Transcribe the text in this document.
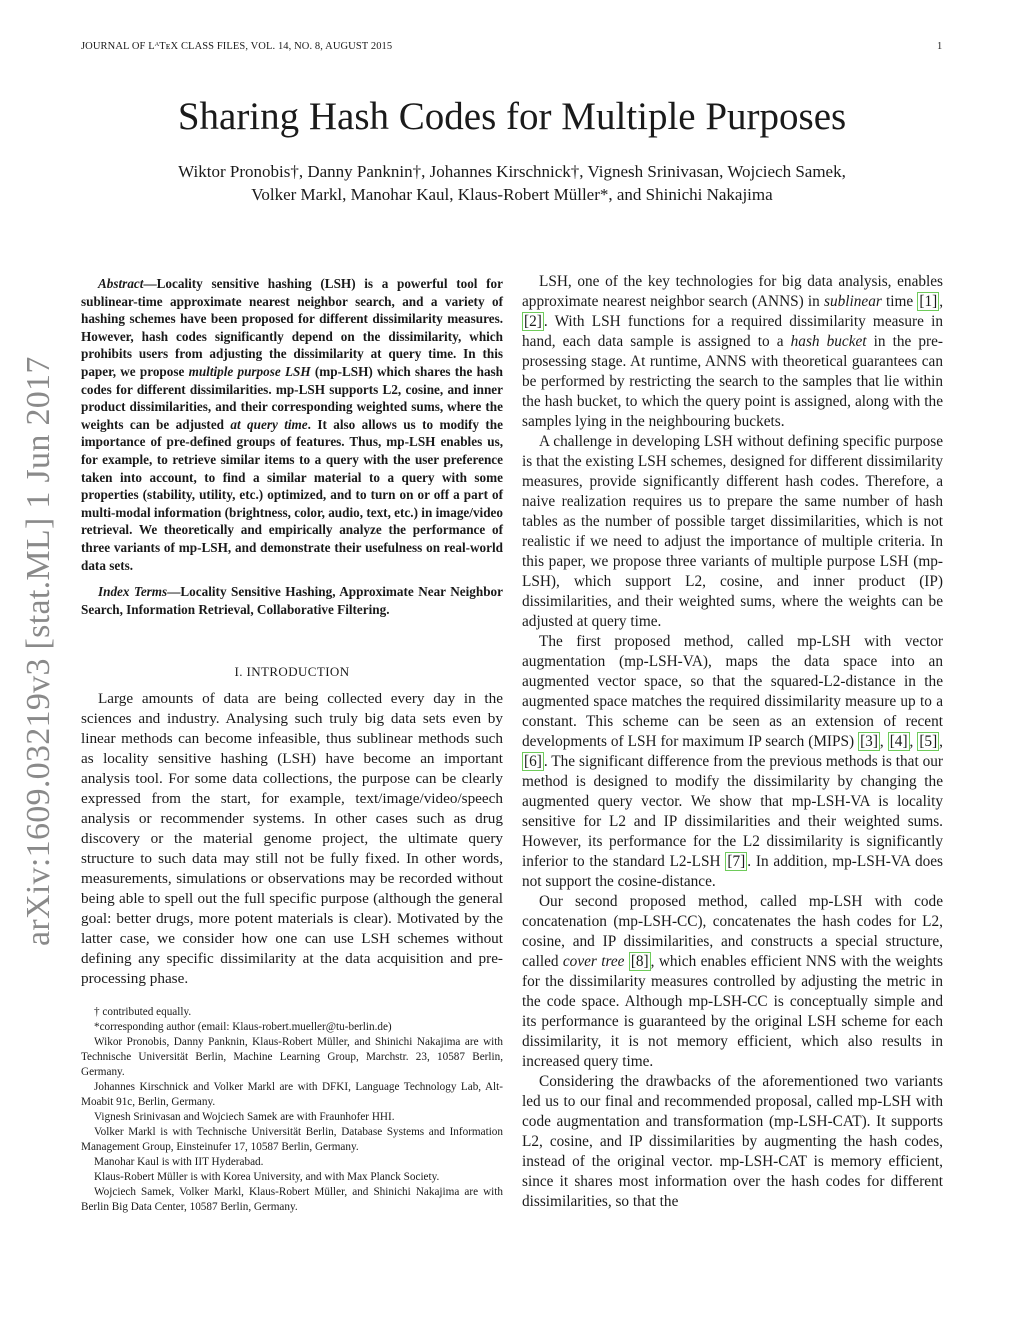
JOURNAL OF LᴬTᴇX CLASS FILES, VOL. 14, NO. 8, AUGUST 2015	1
arXiv:1609.03219v3 [stat.ML] 1 Jun 2017
Sharing Hash Codes for Multiple Purposes
Wiktor Pronobis†, Danny Panknin†, Johannes Kirschnick†, Vignesh Srinivasan, Wojciech Samek,
Volker Markl, Manohar Kaul, Klaus-Robert Müller*, and Shinichi Nakajima

Abstract—Locality sensitive hashing (LSH) is a powerful tool for sublinear-time approximate nearest neighbor search, and a variety of hashing schemes have been proposed for different dissimilarity measures. However, hash codes significantly depend on the dissimilarity, which prohibits users from adjusting the dissimilarity at query time. In this paper, we propose multiple purpose LSH (mp-LSH) which shares the hash codes for different dissimilarities. mp-LSH supports L2, cosine, and inner product dissimilarities, and their corresponding weighted sums, where the weights can be adjusted at query time. It also allows us to modify the importance of pre-defined groups of features. Thus, mp-LSH enables us, for example, to retrieve similar items to a query with the user preference taken into account, to find a similar material to a query with some properties (stability, utility, etc.) optimized, and to turn on or off a part of multi-modal information (brightness, color, audio, text, etc.) in image/video retrieval. We theoretically and empirically analyze the performance of three variants of mp-LSH, and demonstrate their usefulness on real-world data sets.

Index Terms—Locality Sensitive Hashing, Approximate Near Neighbor Search, Information Retrieval, Collaborative Filtering.

I. INTRODUCTION

Large amounts of data are being collected every day in the sciences and industry. Analysing such truly big data sets even by linear methods can become infeasible, thus sublinear methods such as locality sensitive hashing (LSH) have become an important analysis tool. For some data collections, the purpose can be clearly expressed from the start, for example, text/image/video/speech analysis or recommender systems. In other cases such as drug discovery or the material genome project, the ultimate query structure to such data may still not be fully fixed. In other words, measurements, simulations or observations may be recorded without being able to spell out the full specific purpose (although the general goal: better drugs, more potent materials is clear). Motivated by the latter case, we consider how one can use LSH schemes without defining any specific dissimilarity at the data acquisition and pre-processing phase.

† contributed equally.

*corresponding author (email: Klaus-robert.mueller@tu-berlin.de)

Wikor Pronobis, Danny Panknin, Klaus-Robert Müller, and Shinichi Nakajima are with Technische Universität Berlin, Machine Learning Group, Marchstr. 23, 10587 Berlin, Germany.

Johannes Kirschnick and Volker Markl are with DFKI, Language Technology Lab, Alt-Moabit 91c, Berlin, Germany.

Vignesh Srinivasan and Wojciech Samek are with Fraunhofer HHI.

Volker Markl is with Technische Universität Berlin, Database Systems and Information Management Group, Einsteinufer 17, 10587 Berlin, Germany.

Manohar Kaul is with IIT Hyderabad.

Klaus-Robert Müller is with Korea University, and with Max Planck Society.

Wojciech Samek, Volker Markl, Klaus-Robert Müller, and Shinichi Nakajima are with Berlin Big Data Center, 10587 Berlin, Germany.

LSH, one of the key technologies for big data analysis, enables approximate nearest neighbor search (ANNS) in sublinear time [1] , [2] . With LSH functions for a required dissimilarity measure in hand, each data sample is assigned to a hash bucket in the pre-prosessing stage. At runtime, ANNS with theoretical guarantees can be performed by restricting the search to the samples that lie within the hash bucket, to which the query point is assigned, along with the samples lying in the neighbouring buckets.

A challenge in developing LSH without defining specific purpose is that the existing LSH schemes, designed for different dissimilarity measures, provide significantly different hash codes. Therefore, a naive realization requires us to prepare the same number of hash tables as the number of possible target dissimilarities, which is not realistic if we need to adjust the importance of multiple criteria. In this paper, we propose three variants of multiple purpose LSH (mp-LSH), which support L2, cosine, and inner product (IP) dissimilarities, and their weighted sums, where the weights can be adjusted at query time.

The first proposed method, called mp-LSH with vector augmentation (mp-LSH-VA), maps the data space into an augmented vector space, so that the squared-L2-distance in the augmented space matches the required dissimilarity measure up to a constant. This scheme can be seen as an extension of recent developments of LSH for maximum IP search (MIPS) [3] , [4] , [5] , [6] . The significant difference from the previous methods is that our method is designed to modify the dissimilarity by changing the augmented query vector. We show that mp-LSH-VA is locality sensitive for L2 and IP dissimilarities and their weighted sums. However, its performance for the L2 dissimilarity is significantly inferior to the standard L2-LSH [7] . In addition, mp-LSH-VA does not support the cosine-distance.

Our second proposed method, called mp-LSH with code concatenation (mp-LSH-CC), concatenates the hash codes for L2, cosine, and IP dissimilarities, and constructs a special structure, called cover tree [8] , which enables efficient NNS with the weights for the dissimilarity measures controlled by adjusting the metric in the code space. Although mp-LSH-CC is conceptually simple and its performance is guaranteed by the original LSH scheme for each dissimilarity, it is not memory efficient, which also results in increased query time.

Considering the drawbacks of the aforementioned two variants led us to our final and recommended proposal, called mp-LSH with code augmentation and transformation (mp-LSH-CAT). It supports L2, cosine, and IP dissimilarities by augmenting the hash codes, instead of the original vector. mp-LSH-CAT is memory efficient, since it shares most information over the hash codes for different dissimilarities, so that the
